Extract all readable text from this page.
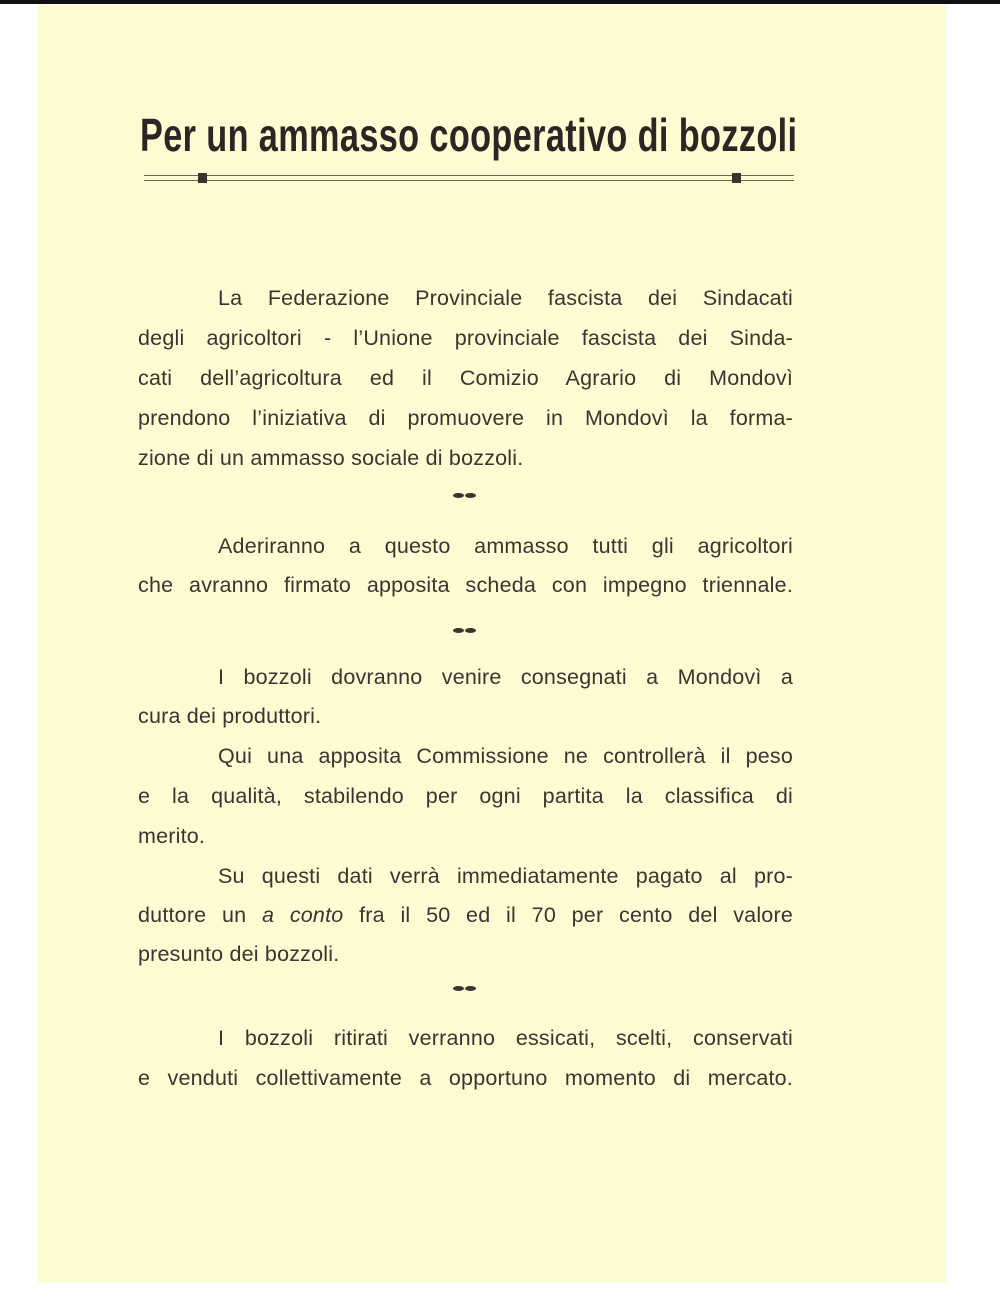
Per un ammasso cooperativo di bozzoli
La Federazione Provinciale fascista dei Sindacati
degli agricoltori - l’Unione provinciale fascista dei Sinda-
cati dell’agricoltura ed il Comizio Agrario di Mondovì
prendono l’iniziativa di promuovere in Mondovì la forma-
zione di un ammasso sociale di bozzoli.
Aderiranno a questo ammasso tutti gli agricoltori
che avranno firmato apposita scheda con impegno triennale.
I bozzoli dovranno venire consegnati a Mondovì a
cura dei produttori.
Qui una apposita Commissione ne controllerà il peso
e la qualità, stabilendo per ogni partita la classifica di
merito.
Su questi dati verrà immediatamente pagato al pro-
duttore un a conto fra il 50 ed il 70 per cento del valore
presunto dei bozzoli.
I bozzoli ritirati verranno essicati, scelti, conservati
e venduti collettivamente a opportuno momento di mercato.
